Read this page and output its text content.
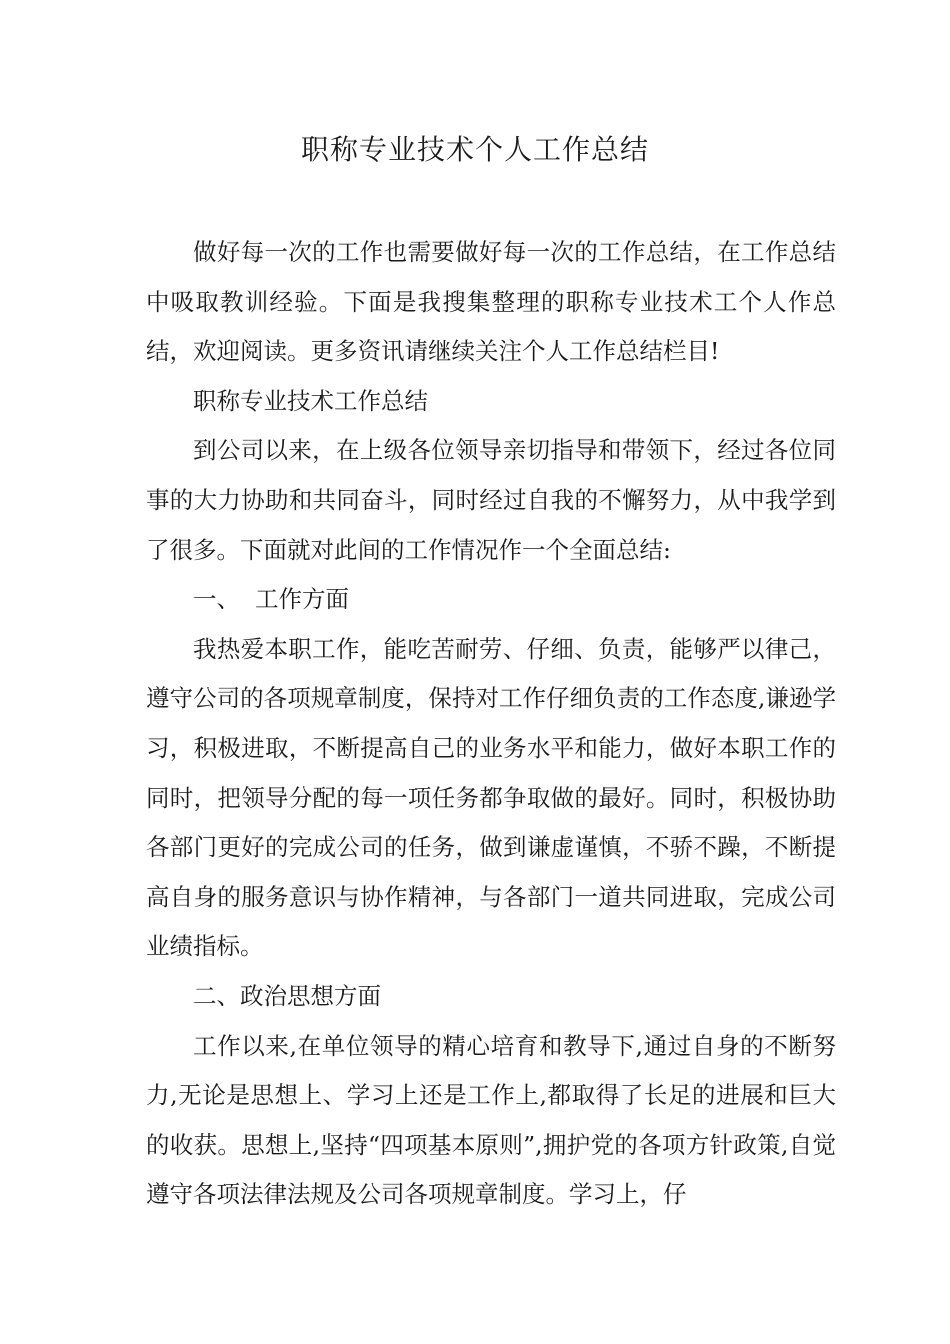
职称专业技术个人工作总结

做好每一次的工作也需要做好每一次的工作总结，在工作总结中吸取教训经验。下面是我搜集整理的职称专业技术工个人作总结，欢迎阅读。更多资讯请继续关注个人工作总结栏目!

职称专业技术工作总结

到公司以来，在上级各位领导亲切指导和带领下，经过各位同事的大力协助和共同奋斗，同时经过自我的不懈努力，从中我学到了很多。下面就对此间的工作情况作一个全面总结:

一、  工作方面

我热爱本职工作，能吃苦耐劳、仔细、负责，能够严以律己，遵守公司的各项规章制度，保持对工作仔细负责的工作态度,谦逊学习，积极进取，不断提高自己的业务水平和能力，做好本职工作的同时，把领导分配的每一项任务都争取做的最好。同时，积极协助各部门更好的完成公司的任务，做到谦虚谨慎，不骄不躁，不断提高自身的服务意识与协作精神，与各部门一道共同进取，完成公司业绩指标。

二、政治思想方面

工作以来,在单位领导的精心培育和教导下,通过自身的不断努力,无论是思想上、学习上还是工作上,都取得了长足的进展和巨大的收获。思想上,坚持“四项基本原则”,拥护党的各项方针政策,自觉遵守各项法律法规及公司各项规章制度。学习上，仔
